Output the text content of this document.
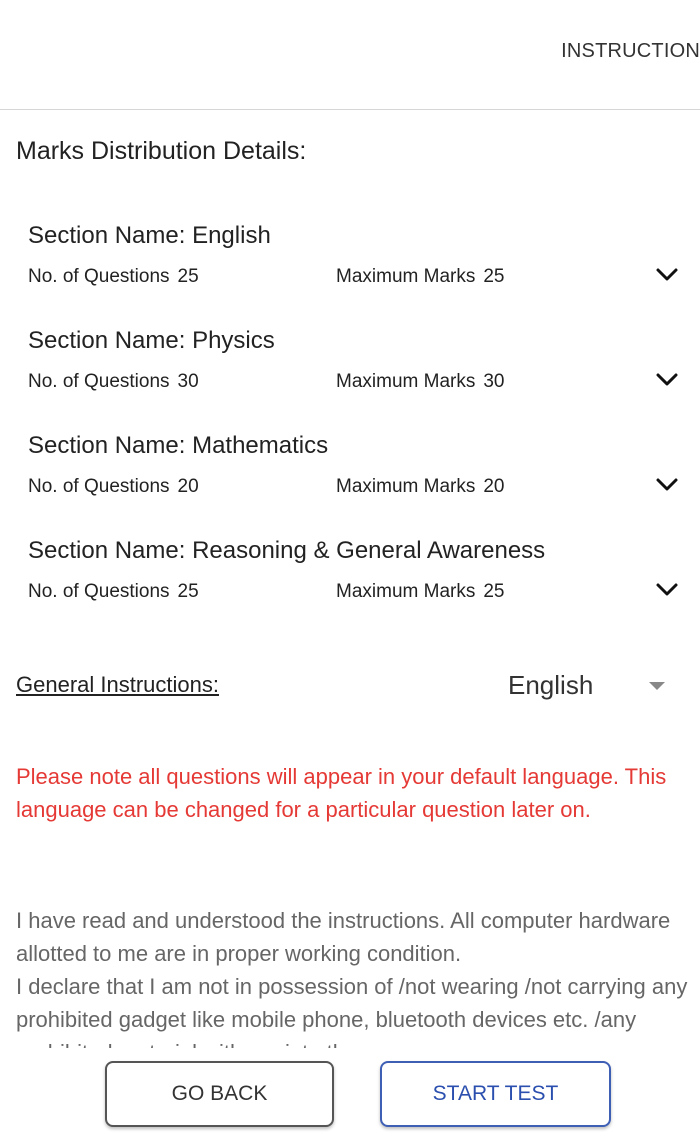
INSTRUCTION
Marks Distribution Details:
Section Name: English
No. of Questions 25	Maximum Marks 25
Section Name: Physics
No. of Questions 30	Maximum Marks 30
Section Name: Mathematics
No. of Questions 20	Maximum Marks 20
Section Name: Reasoning & General Awareness
No. of Questions 25	Maximum Marks 25
General Instructions:	English
Please note all questions will appear in your default language. This language can be changed for a particular question later on.

I have read and understood the instructions. All computer hardware allotted to me are in proper working condition.

I declare that I am not in possession of /not wearing /not carrying any prohibited gadget like mobile phone, bluetooth devices etc. /any

GO BACK	START TEST
